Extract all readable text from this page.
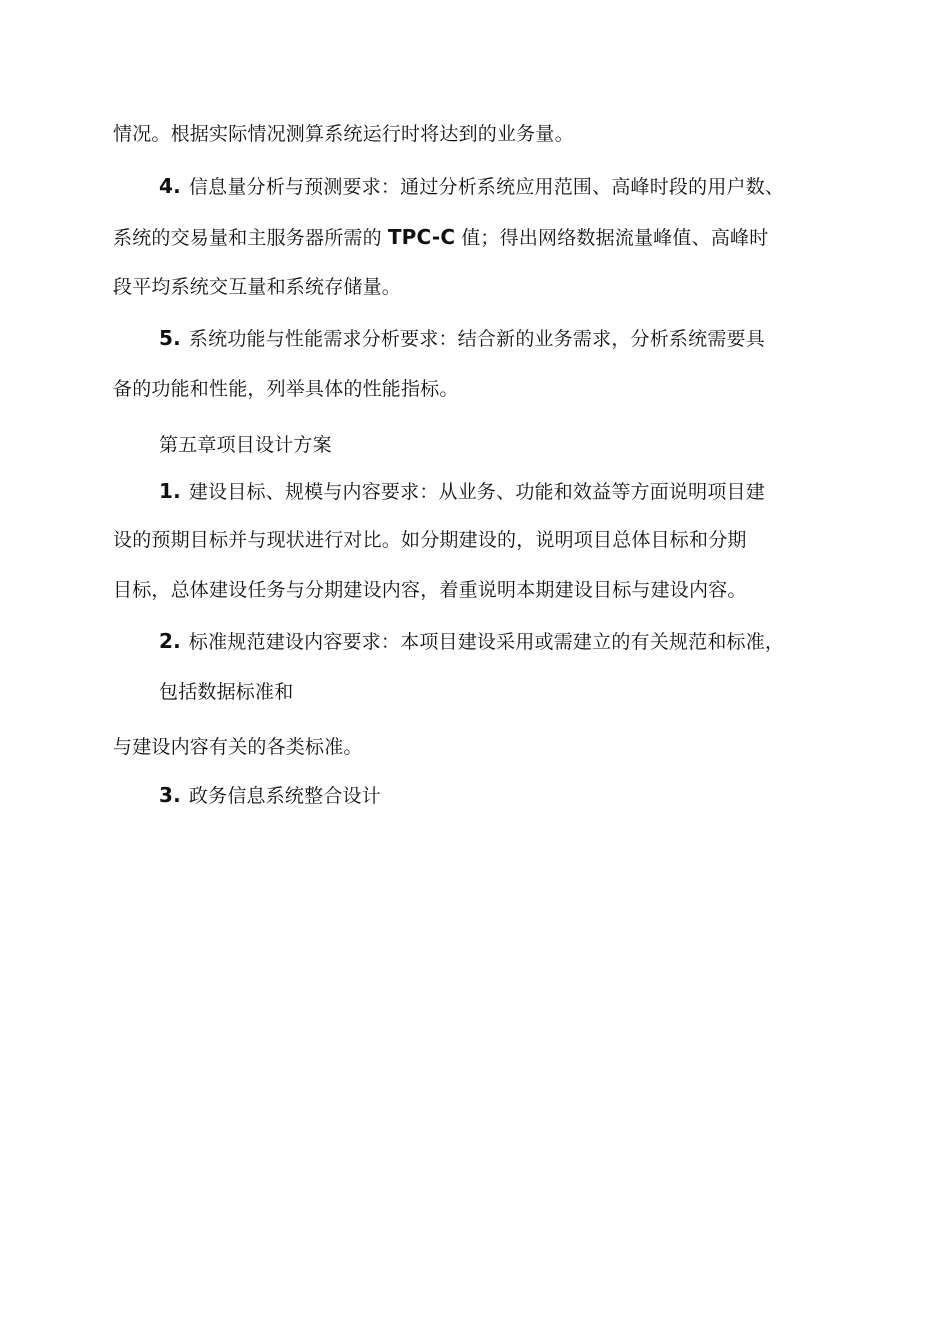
情况。根据实际情况测算系统运行时将达到的业务量。
4. 信息量分析与预测要求：通过分析系统应用范围、高峰时段的用户数、
系统的交易量和主服务器所需的 TPC-C 值；得出网络数据流量峰值、高峰时
段平均系统交互量和系统存储量。
5. 系统功能与性能需求分析要求：结合新的业务需求，分析系统需要具
备的功能和性能，列举具体的性能指标。
第五章项目设计方案
1. 建设目标、规模与内容要求：从业务、功能和效益等方面说明项目建
设的预期目标并与现状进行对比。如分期建设的，说明项目总体目标和分期
目标，总体建设任务与分期建设内容，着重说明本期建设目标与建设内容。
2. 标准规范建设内容要求：本项目建设采用或需建立的有关规范和标准，
包括数据标准和
与建设内容有关的各类标准。
3. 政务信息系统整合设计
